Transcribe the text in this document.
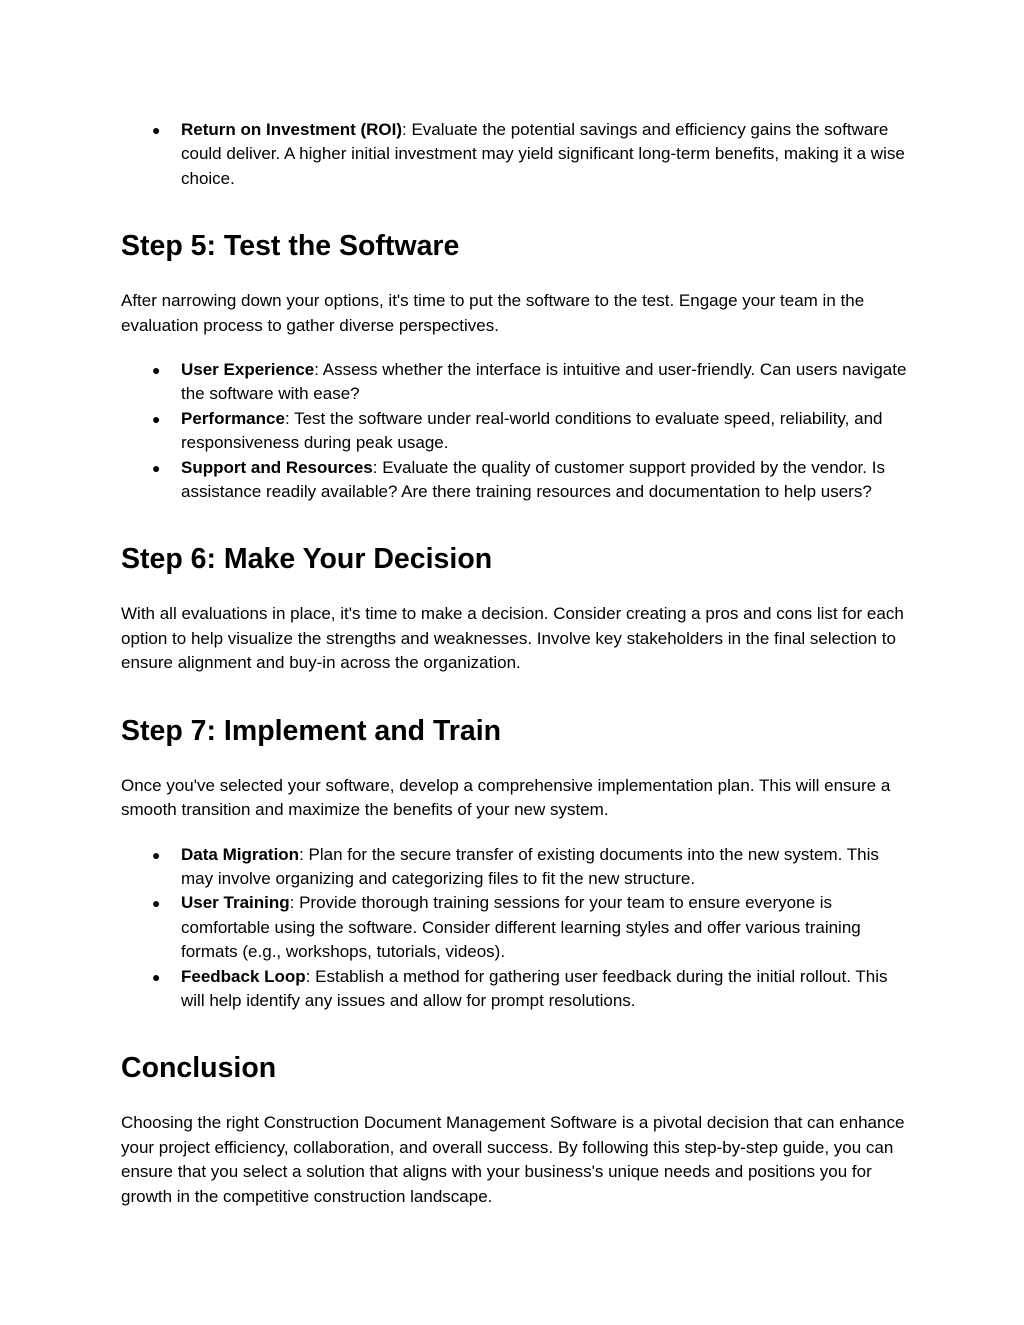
● Return on Investment (ROI): Evaluate the potential savings and efficiency gains the software could deliver. A higher initial investment may yield significant long-term benefits, making it a wise choice.
Step 5: Test the Software

After narrowing down your options, it's time to put the software to the test. Engage your team in the evaluation process to gather diverse perspectives.

● User Experience: Assess whether the interface is intuitive and user-friendly. Can users navigate the software with ease?
● Performance: Test the software under real-world conditions to evaluate speed, reliability, and responsiveness during peak usage.
● Support and Resources: Evaluate the quality of customer support provided by the vendor. Is assistance readily available? Are there training resources and documentation to help users?
Step 6: Make Your Decision

With all evaluations in place, it's time to make a decision. Consider creating a pros and cons list for each option to help visualize the strengths and weaknesses. Involve key stakeholders in the final selection to ensure alignment and buy-in across the organization.

Step 7: Implement and Train

Once you've selected your software, develop a comprehensive implementation plan. This will ensure a smooth transition and maximize the benefits of your new system.

● Data Migration: Plan for the secure transfer of existing documents into the new system. This may involve organizing and categorizing files to fit the new structure.
● User Training: Provide thorough training sessions for your team to ensure everyone is comfortable using the software. Consider different learning styles and offer various training formats (e.g., workshops, tutorials, videos).
● Feedback Loop: Establish a method for gathering user feedback during the initial rollout. This will help identify any issues and allow for prompt resolutions.
Conclusion

Choosing the right Construction Document Management Software is a pivotal decision that can enhance your project efficiency, collaboration, and overall success. By following this step-by-step guide, you can ensure that you select a solution that aligns with your business's unique needs and positions you for growth in the competitive construction landscape.
